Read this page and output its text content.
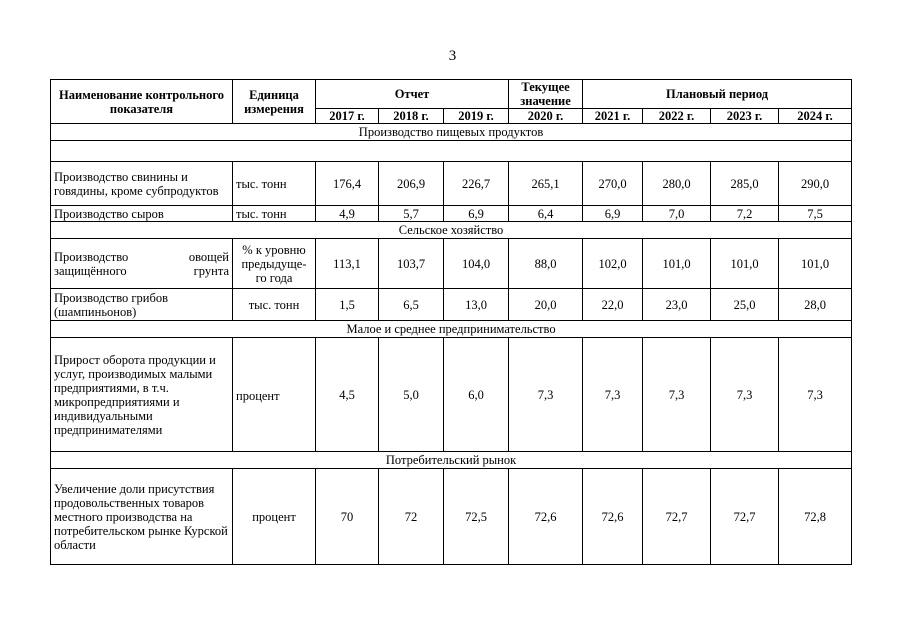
3
Наименование контрольного показателя	Единица измерения	Отчет			Текущее значение	Плановый период			
		2017 г.	2018 г.	2019 г.	2020 г.	2021 г.	2022 г.	2023 г.	2024 г.
Производство пищевых продуктов									

Производство свинины и говядины, кроме субпродуктов	тыс. тонн	176,4	206,9	226,7	265,1	270,0	280,0	285,0	290,0
Производство сыров	тыс. тонн	4,9	5,7	6,9	6,4	6,9	7,0	7,2	7,5
Сельское хозяйство									
Производство овощей защищённого грунта	% к уровню предыдуще-го года	113,1	103,7	104,0	88,0	102,0	101,0	101,0	101,0
Производство грибов (шампиньонов)	тыс. тонн	1,5	6,5	13,0	20,0	22,0	23,0	25,0	28,0
Малое и среднее предпринимательство									
Прирост оборота продукции и услуг, производимых малыми предприятиями, в т.ч. микропредприятиями и индивидуальными предпринимателями	процент	4,5	5,0	6,0	7,3	7,3	7,3	7,3	7,3
Потребительский рынок									
Увеличение доли присутствия продовольственных товаров местного производства на потребительском рынке Курской области	процент	70	72	72,5	72,6	72,6	72,7	72,7	72,8
